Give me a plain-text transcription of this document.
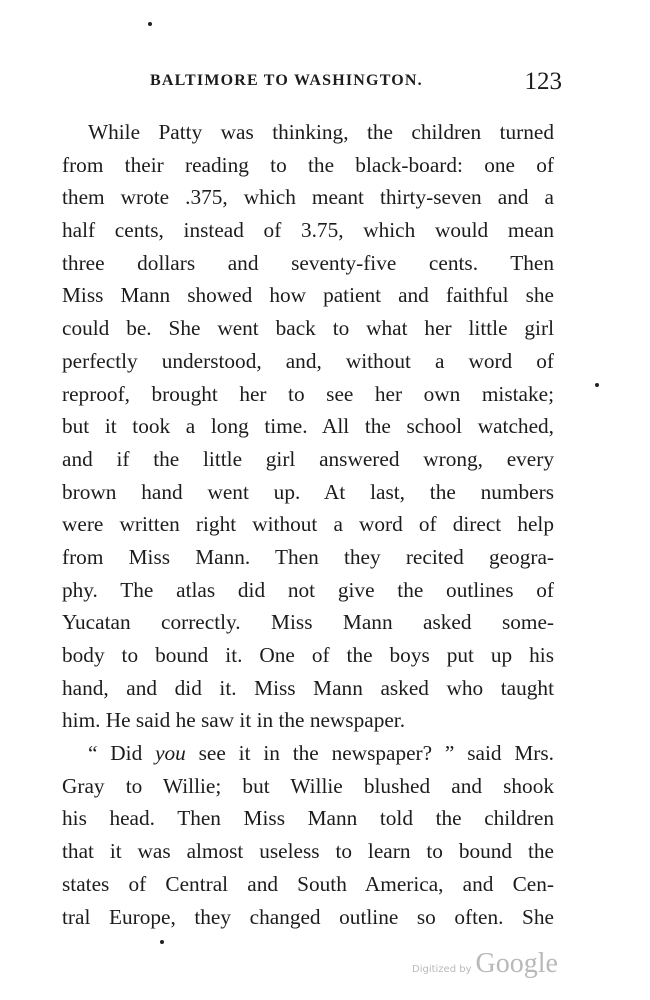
BALTIMORE TO WASHINGTON.	123
While Patty was thinking, the children turned
from their reading to the black-board: one of
them wrote .375, which meant thirty-seven and a
half cents, instead of 3.75, which would mean
three dollars and seventy-five cents. Then
Miss Mann showed how patient and faithful she
could be. She went back to what her little girl
perfectly understood, and, without a word of
reproof, brought her to see her own mistake;
but it took a long time. All the school watched,
and if the little girl answered wrong, every
brown hand went up. At last, the numbers
were written right without a word of direct help
from Miss Mann. Then they recited geogra-
phy. The atlas did not give the outlines of
Yucatan correctly. Miss Mann asked some-
body to bound it. One of the boys put up his
hand, and did it. Miss Mann asked who taught
him. He said he saw it in the newspaper.
“ Did you see it in the newspaper? ” said Mrs.
Gray to Willie; but Willie blushed and shook
his head. Then Miss Mann told the children
that it was almost useless to learn to bound the
states of Central and South America, and Cen-
tral Europe, they changed outline so often. She
Digitized by Google
